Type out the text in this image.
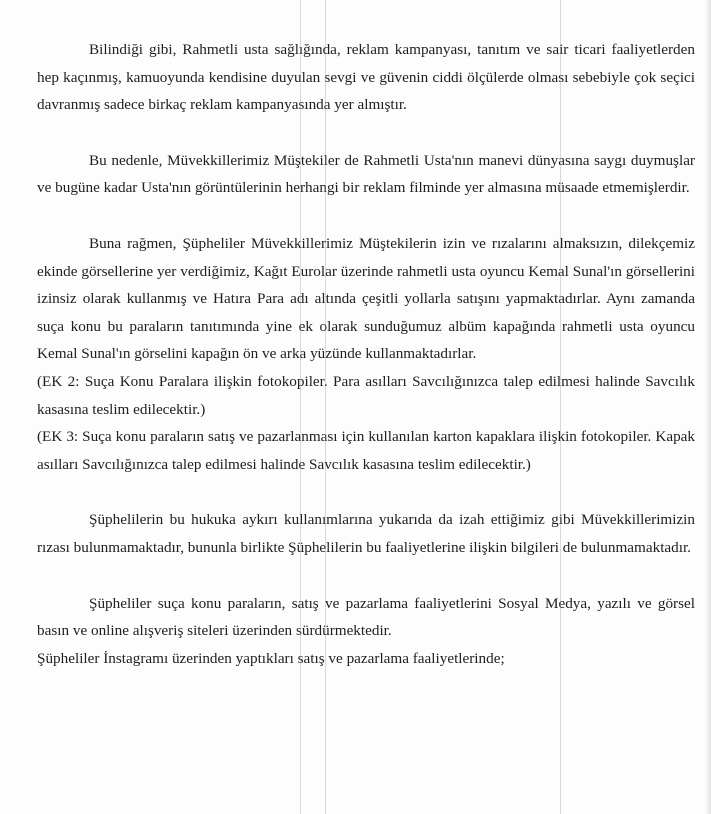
Bilindiği gibi, Rahmetli usta sağlığında, reklam kampanyası, tanıtım ve sair ticari faaliyetlerden hep kaçınmış, kamuoyunda kendisine duyulan sevgi ve güvenin ciddi ölçülerde olması sebebiyle çok seçici davranmış sadece birkaç reklam kampanyasında yer almıştır.

Bu nedenle, Müvekkillerimiz Müştekiler de Rahmetli Usta'nın manevi dünyasına saygı duymuşlar ve bugüne kadar Usta'nın görüntülerinin herhangi bir reklam filminde yer almasına müsaade etmemişlerdir.

Buna rağmen, Şüpheliler Müvekkillerimiz Müştekilerin izin ve rızalarını almaksızın, dilekçemiz ekinde görsellerine yer verdiğimiz, Kağıt Eurolar üzerinde rahmetli usta oyuncu Kemal Sunal'ın görsellerini izinsiz olarak kullanmış ve Hatıra Para adı altında çeşitli yollarla satışını yapmaktadırlar. Aynı zamanda suça konu bu paraların tanıtımında yine ek olarak sunduğumuz albüm kapağında rahmetli usta oyuncu Kemal Sunal'ın görselini kapağın ön ve arka yüzünde kullanmaktadırlar.

(EK 2: Suça Konu Paralara ilişkin fotokopiler. Para asılları Savcılığınızca talep edilmesi halinde Savcılık kasasına teslim edilecektir.)

(EK 3: Suça konu paraların satış ve pazarlanması için kullanılan karton kapaklara ilişkin fotokopiler. Kapak asılları Savcılığınızca talep edilmesi halinde Savcılık kasasına teslim edilecektir.)

Şüphelilerin bu hukuka aykırı kullanımlarına yukarıda da izah ettiğimiz gibi Müvekkillerimizin rızası bulunmamaktadır, bununla birlikte Şüphelilerin bu faaliyetlerine ilişkin bilgileri de bulunmamaktadır.

Şüpheliler suça konu paraların, satış ve pazarlama faaliyetlerini Sosyal Medya, yazılı ve görsel basın ve online alışveriş siteleri üzerinden sürdürmektedir.

Şüpheliler İnstagramı üzerinden yaptıkları satış ve pazarlama faaliyetlerinde;
